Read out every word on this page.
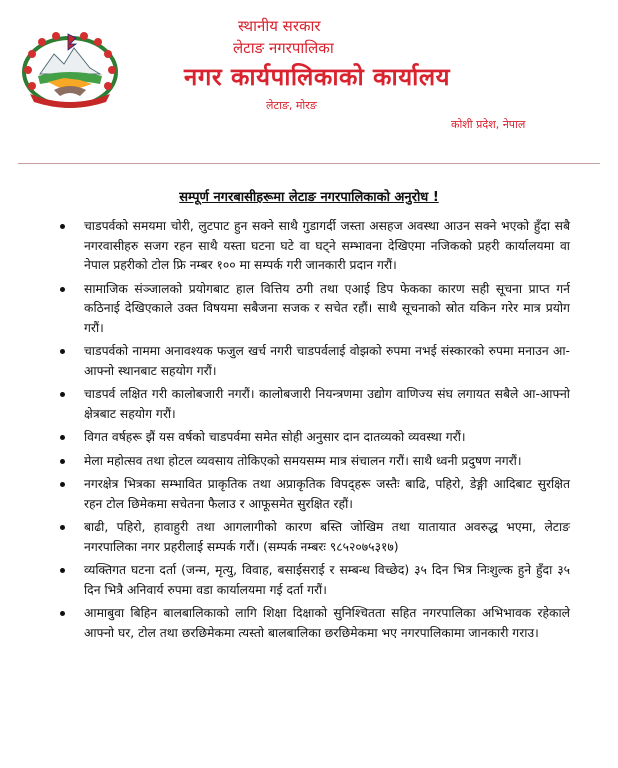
स्थानीय सरकार
लेटाङ नगरपालिका
नगर कार्यपालिकाको कार्यालय
लेटाङ, मोरङ
कोशी प्रदेश, नेपाल
सम्पूर्ण नगरबासीहरूमा लेटाङ नगरपालिकाको अनुरोध !
चाडपर्वको समयमा चोरी, लुटपाट हुन सक्ने साथै गुडागर्दी जस्ता असहज अवस्था आउन सक्ने भएको हुँदा सबै नगरवासीहरु सजग रहन साथै यस्ता घटना घटे वा घट्ने सम्भावना देखिएमा नजिकको प्रहरी कार्यालयमा वा नेपाल प्रहरीको टोल फ्रि नम्बर १०० मा सम्पर्क गरी जानकारी प्रदान गरौं।
सामाजिक संञ्जालको प्रयोगबाट हाल वित्तिय ठगी तथा एआई डिप फेकका कारण सही सूचना प्राप्त गर्न कठिनाई देखिएकाले उक्त विषयमा सबैजना सजक र सचेत रहौं। साथै सूचनाको स्रोत यकिन गरेर मात्र प्रयोग गरौं।
चाडपर्वको नाममा अनावश्यक फजुल खर्च नगरी चाडपर्वलाई वोझको रुपमा नभई संस्कारको रुपमा मनाउन आ-आफ्नो स्थानबाट सहयोग गरौं।
चाडपर्व लक्षित गरी कालोबजारी नगरौं। कालोबजारी नियन्त्रणमा उद्योग वाणिज्य संघ लगायत सबैले आ-आफ्नो क्षेत्रबाट सहयोग गरौं।
विगत वर्षहरू झैं यस वर्षको चाडपर्वमा समेत सोही अनुसार दान दातव्यको व्यवस्था गरौं।
मेला महोत्सव तथा होटल व्यवसाय तोकिएको समयसम्म मात्र संचालन गरौं। साथै ध्वनी प्रदुषण नगरौं।
नगरक्षेत्र भित्रका सम्भावित प्राकृतिक तथा अप्राकृतिक विपद्हरू जस्तैः बाढि, पहिरो, डेङ्गी आदिबाट सुरक्षित रहन टोल छिमेकमा सचेतना फैलाउ र आफूसमेत सुरक्षित रहौं।
बाढी, पहिरो, हावाहुरी तथा आगलागीको कारण बस्ति जोखिम तथा यातायात अवरुद्ध भएमा, लेटाङ नगरपालिका नगर प्रहरीलाई सम्पर्क गरौं। (सम्पर्क नम्बरः ९८५२०७५३१७)
व्यक्तिगत घटना दर्ता (जन्म, मृत्यु, विवाह, बसाईसराई र सम्बन्ध विच्छेद) ३५ दिन भित्र निःशुल्क हुने हुँदा ३५ दिन भित्रै अनिवार्य रुपमा वडा कार्यालयमा गई दर्ता गरौं।
आमाबुवा बिहिन बालबालिकाको लागि शिक्षा दिक्षाको सुनिश्चितता सहित नगरपालिका अभिभावक रहेकाले आफ्नो घर, टोल तथा छरछिमेकमा त्यस्तो बालबालिका छरछिमेकमा भए नगरपालिकामा जानकारी गराउ।
